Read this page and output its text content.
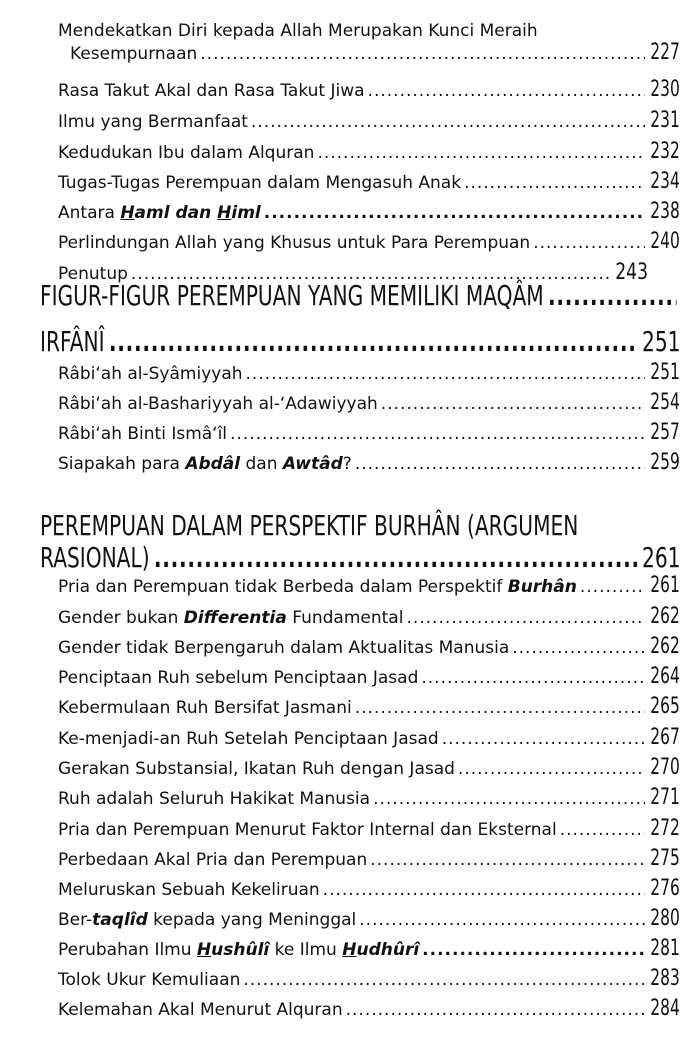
Mendekatkan Diri kepada Allah Merupakan Kunci Meraih
Kesempurnaan .....	227
Rasa Takut Akal dan Rasa Takut Jiwa .....	230
Ilmu yang Bermanfaat .....	231
Kedudukan Ibu dalam Alquran .....	232
Tugas-Tugas Perempuan dalam Mengasuh Anak .....	234
Antara Haml dan Himl .....	238
Perlindungan Allah yang Khusus untuk Para Perempuan .....	240
Penutup .....	243
FIGUR-FIGUR PEREMPUAN YANG MEMILIKI MAQÂM
.....
IRFÂNÎ .....	251
Râbi‘ah al-Syâmiyyah .....	251
Râbi‘ah al-Bashariyyah al-‘Adawiyyah .....	254
Râbi‘ah Binti Ismâ‘îl .....	257
Siapakah para Abdâl dan Awtâd? .....	259
PEREMPUAN DALAM PERSPEKTIF BURHÂN (ARGUMEN
RASIONAL) .....	261
Pria dan Perempuan tidak Berbeda dalam Perspektif Burhân .....	261
Gender bukan Differentia Fundamental .....	262
Gender tidak Berpengaruh dalam Aktualitas Manusia .....	262
Penciptaan Ruh sebelum Penciptaan Jasad .....	264
Kebermulaan Ruh Bersifat Jasmani .....	265
Ke-menjadi-an Ruh Setelah Penciptaan Jasad .....	267
Gerakan Substansial, Ikatan Ruh dengan Jasad .....	270
Ruh adalah Seluruh Hakikat Manusia .....	271
Pria dan Perempuan Menurut Faktor Internal dan Eksternal .....	272
Perbedaan Akal Pria dan Perempuan .....	275
Meluruskan Sebuah Kekeliruan .....	276
Ber-taqlîd kepada yang Meninggal .....	280
Perubahan Ilmu Hushûlî ke Ilmu Hudhûrî .....	281
Tolok Ukur Kemuliaan .....	283
Kelemahan Akal Menurut Alquran .....	284
